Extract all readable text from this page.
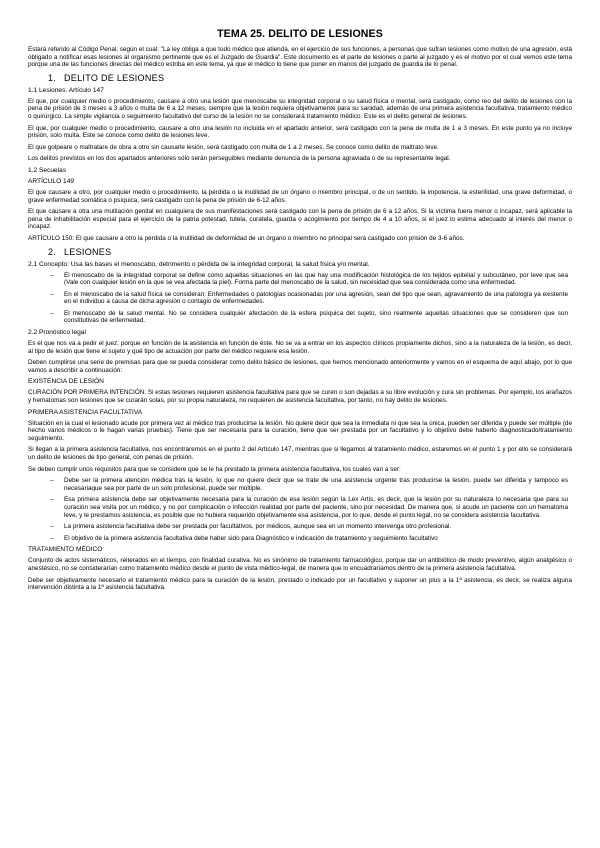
TEMA 25. DELITO DE LESIONES

Estará referido al Código Penal, según el cual: "La ley obliga a que todo médico que atienda, en el ejercicio de sus funciones, a personas que sufran lesiones como motivo de una agresión, está obligado a notificar esas lesiones al organismo pertinente que es el Juzgado de Guardia". Este documento es el parte de lesiones o parte al juzgado y es el motivo por el cual vemos este tema porque una de las funciones directas del médico estriba en este tema, ya que el médico lo tiene que poner en manos del juzgado de guardia de lo penal.

1. DELITO DE LESIONES
1.1 Lesiones. Artículo 147

El que, por cualquier medio o procedimiento, causare a otro una lesión que menoscabe su integridad corporal o su salud física o mental, será castigado, como reo del delito de lesiones con la pena de prisión de 3 meses a 3 años o multa de 6 a 12 meses, siempre que la lesión requiera objetivamente para su sanidad, además de una primera asistencia facultativa, tratamiento médico o quirúrgico. La simple vigilancia o seguimiento facultativo del curso de la lesión no se considerará tratamiento médico. Este es el delito general de lesiones.

El que, por cualquier medio o procedimiento, causare a otro una lesión no incluida en el apartado anterior, será castigado con la pena de multa de 1 a 3 meses. En este punto ya no incluye prisión, solo multa. Este se conoce como delito de lesiones leve.

El que golpeare o maltratare de obra a otro sin causarle lesión, será castigado con multa de 1 a 2 meses. Se conoce como delito de maltrato leve.

Los delitos previstos en los dos apartados anteriores sólo serán perseguibles mediante denuncia de la persona agraviada o de su representante legal.

1.2 Secuelas
ARTÍCULO 149

El que causare a otro, por cualquier medio o procedimiento, la pérdida o la inutilidad de un órgano o miembro principal, o de un sentido, la impotencia, la esterilidad, una grave deformidad, o grave enfermedad somática o psíquica, será castigado con la pena de prisión de 6-12 años.

El que causare a otra una mutilación genital en cualquiera de sus manifestaciones será castigado con la pena de prisión de 6 a 12 años. Si la víctima fuera menor o incapaz, será aplicable la pena de inhabilitación especial para el ejercicio de la patria potestad, tutela, curatela, guarda o acogimiento por tiempo de 4 a 10 años, si el juez lo estima adecuado al interés del menor o incapaz.

ARTÍCULO 150: El que causare a otro la pérdida o la inutilidad de deformidad de un órgano o miembro no principal será castigado con prisión de 3-6 años.

2. LESIONES
2.1 Concepto: Usa las bases el menoscabo, detrimento o pérdida de la integridad corporal, la salud física y/o mental.
– El menoscabo de la integridad corporal se define como aquellas situaciones en las que hay una modificación histológica de los tejidos epitelial y subcutáneo, por leve que sea (Vale con cualquier lesión en la que se vea afectada la piel). Forma parte del menoscabo de la salud, sin necesidad que sea considerada como una enfermedad.
– En el menoscabo de la salud física se consideran: Enfermedades o patologías ocasionadas por una agresión, sean del tipo que sean, agravamiento de una patología ya existente en el individuo a causa de dicha agresión o contagio de enfermedades.
– El menoscabo de la salud mental. No se considera cualquier afectación de la esfera psíquica del sujeto, sino realmente aquellas situaciones que se consideren que son constitutivas de enfermedad.
2.2 Pronóstico legal

Es el que nos va a pedir el juez, porque en función de la asistencia en función de éste. No se va a entrar en los aspectos clínicos propiamente dichos, sino a la naturaleza de la lesión, es decir, al tipo de lesión que tiene el sujeto y qué tipo de actuación por parte del médico requiere esa lesión.

Deben cumplirse una serie de premisas para que se pueda considerar como delito básico de lesiones, que hemos mencionado anteriormente y vamos en el esquema de aquí abajo, por lo que vamos a describir a continuación:

EXISTENCIA DE LESIÓN

CURACIÓN POR PRIMERA INTENCIÓN: Si estas lesiones requieren asistencia facultativa para que se curen o son dejadas a su libre evolución y cura sin problemas. Por ejemplo, los arañazos y hematomas son lesiones que se curarán solas, por su propia naturaleza, no requieren de asistencia facultativa, por tanto, no hay delito de lesiones.

PRIMERA ASISTENCIA FACULTATIVA

Situación en la cual el lesionado acude por primera vez al médico tras producirse la lesión. No quiere decir que sea la inmediata ni que sea la única, pueden ser diferida y puede ser múltiple (de hecho varios médicos o le hagan varias pruebas). Tiene que ser necesaria para la curación, tiene que ser prestada por un facultativo y lo objetivo debe haberlo diagnosticado/tratamiento seguimiento.

Si llegan a la primera asistencia facultativa, nos encontraremos en el punto 2 del Artículo 147, mientras que si llegamos al tratamiento médico, estaremos en el punto 1 y por ello se considerará un delito de lesiones de tipo general, con penas de prisión.

Se deben cumplir unos requisitos para que se considere que se le ha prestado la primera asistencia facultativa, los cuales van a ser:

– Debe ser la primera atención médica tras la lesión, lo que no quiere decir que se trate de una asistencia urgente tras producirse la lesión, puede ser diferida y tampoco es necesariaque sea por parte de un solo profesional, puede ser múltiple.
– Esa primera asistencia debe ser objetivamente necesaria para la curación de esa lesión según la Lex Artis, es decir, que la lesión por su naturaleza lo necesaria que para su curación sea visita por un médico, y no por complicación o infección realidad por parte del paciente, sino por necesidad. De manera que, si acude un paciente con un hematoma leve, y le prestamos asistencia, es posible que no hubiera requerido objetivamente esa asistencia, por lo que, desde el punto legal, no se considera asistencia facultativa.
– La primera asistencia facultativa debe ser prestada por facultativos, por médicos, aunque sea en un momento intervenga otro profesional.
– El objetivo de la primera asistencia facultativa debe haber sido para Diagnóstico e indicación de tratamiento y seguimiento facultativo
TRATAMIENTO MÉDICO

Conjunto de actos sistemáticos, reiterados en el tiempo, con finalidad curativa. No es sinónimo de tratamiento farmacológico, porque dar un antibiótico de modo preventivo, algún analgésico o anestésico, no se considerarían como tratamiento médico desde el punto de vista médico-legal, de manera que lo encuadraríamos dentro de la primera asistencia facultativa.

Debe ser objetivamente necesario el tratamiento médico para la curación de la lesión, prestado o indicado por un facultativo y suponer un plus a la 1ª asistencia, es decir, se realiza alguna intervención distinta a la 1ª asistencia facultativa.
